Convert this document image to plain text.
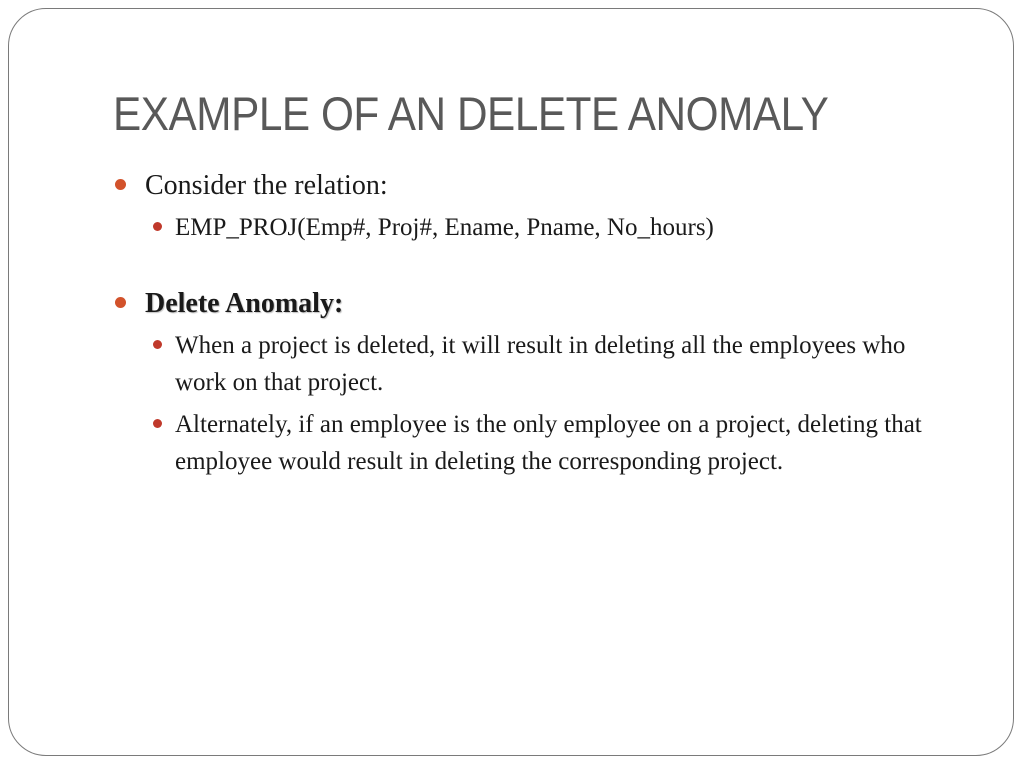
EXAMPLE OF AN DELETE ANOMALY
Consider the relation:
EMP_PROJ(Emp#, Proj#, Ename, Pname, No_hours)
Delete Anomaly:
When a project is deleted, it will result in deleting all the employees who work on that project.
Alternately, if an employee is the only employee on a project, deleting that employee would result in deleting the corresponding project.
